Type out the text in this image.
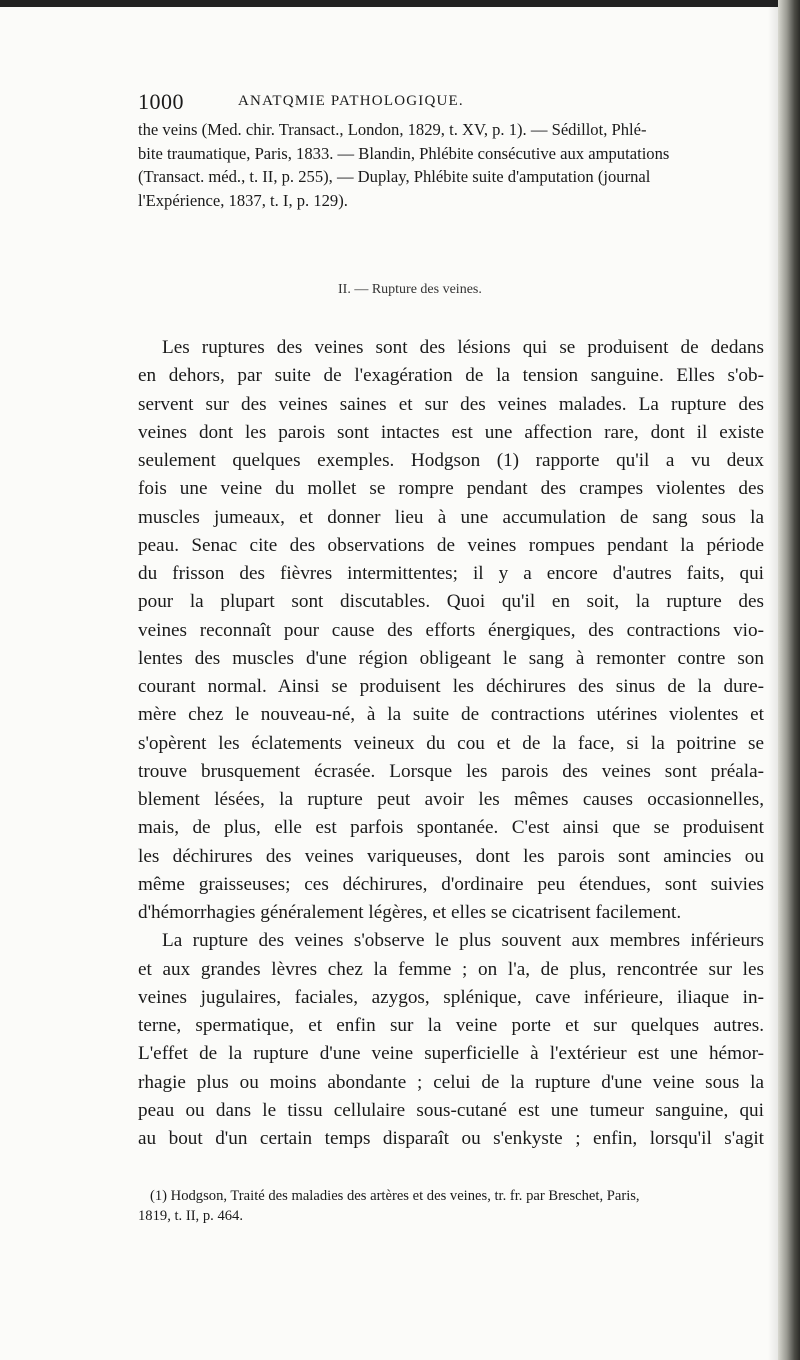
1000	ANATQMIE PATHOLOGIQUE.
the veins (Med. chir. Transact., London, 1829, t. XV, p. 1). — Sédillot, Phlé-
bite traumatique, Paris, 1833. — Blandin, Phlébite consécutive aux amputations
(Transact. méd., t. II, p. 255), — Duplay, Phlébite suite d'amputation (journal
l'Expérience, 1837, t. I, p. 129).
II. — Rupture des veines.
Les ruptures des veines sont des lésions qui se produisent de dedans
en dehors, par suite de l'exagération de la tension sanguine. Elles s'ob-
servent sur des veines saines et sur des veines malades. La rupture des
veines dont les parois sont intactes est une affection rare, dont il existe
seulement quelques exemples. Hodgson (1) rapporte qu'il a vu deux
fois une veine du mollet se rompre pendant des crampes violentes des
muscles jumeaux, et donner lieu à une accumulation de sang sous la
peau. Senac cite des observations de veines rompues pendant la période
du frisson des fièvres intermittentes; il y a encore d'autres faits, qui
pour la plupart sont discutables. Quoi qu'il en soit, la rupture des
veines reconnaît pour cause des efforts énergiques, des contractions vio-
lentes des muscles d'une région obligeant le sang à remonter contre son
courant normal. Ainsi se produisent les déchirures des sinus de la dure-
mère chez le nouveau-né, à la suite de contractions utérines violentes et
s'opèrent les éclatements veineux du cou et de la face, si la poitrine se
trouve brusquement écrasée. Lorsque les parois des veines sont préala-
blement lésées, la rupture peut avoir les mêmes causes occasionnelles,
mais, de plus, elle est parfois spontanée. C'est ainsi que se produisent
les déchirures des veines variqueuses, dont les parois sont amincies ou
même graisseuses; ces déchirures, d'ordinaire peu étendues, sont suivies
d'hémorrhagies généralement légères, et elles se cicatrisent facilement.
La rupture des veines s'observe le plus souvent aux membres inférieurs
et aux grandes lèvres chez la femme ; on l'a, de plus, rencontrée sur les
veines jugulaires, faciales, azygos, splénique, cave inférieure, iliaque in-
terne, spermatique, et enfin sur la veine porte et sur quelques autres.
L'effet de la rupture d'une veine superficielle à l'extérieur est une hémor-
rhagie plus ou moins abondante ; celui de la rupture d'une veine sous la
peau ou dans le tissu cellulaire sous-cutané est une tumeur sanguine, qui
au bout d'un certain temps disparaît ou s'enkyste ; enfin, lorsqu'il s'agit
(1) Hodgson, Traité des maladies des artères et des veines, tr. fr. par Breschet, Paris,
1819, t. II, p. 464.
